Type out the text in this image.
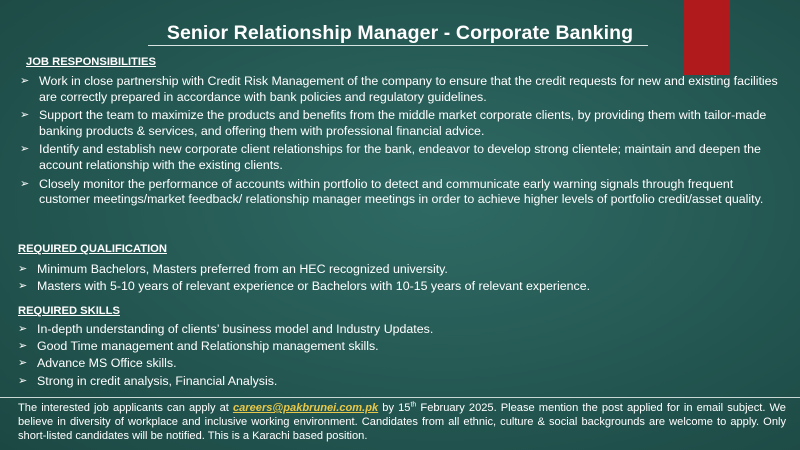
Senior Relationship Manager - Corporate Banking
JOB RESPONSIBILITIES
➢ Work in close partnership with Credit Risk Management of the company to ensure that the credit requests for new and existing facilities are correctly prepared in accordance with bank policies and regulatory guidelines.
➢ Support the team to maximize the products and benefits from the middle market corporate clients, by providing them with tailor-made banking products & services, and offering them with professional financial advice.
➢ Identify and establish new corporate client relationships for the bank, endeavor to develop strong clientele; maintain and deepen the account relationship with the existing clients.
➢ Closely monitor the performance of accounts within portfolio to detect and communicate early warning signals through frequent customer meetings/market feedback/ relationship manager meetings in order to achieve higher levels of portfolio credit/asset quality.
REQUIRED QUALIFICATION
➢ Minimum Bachelors, Masters preferred from an HEC recognized university.
➢ Masters with 5-10 years of relevant experience or Bachelors with 10-15 years of relevant experience.
REQUIRED SKILLS
➢ In-depth understanding of clients’ business model and Industry Updates.
➢ Good Time management and Relationship management skills.
➢ Advance MS Office skills.
➢ Strong in credit analysis, Financial Analysis.
The interested job applicants can apply at careers@pakbrunei.com.pk by 15th February 2025. Please mention the post applied for in email subject. We believe in diversity of workplace and inclusive working environment. Candidates from all ethnic, culture & social backgrounds are welcome to apply. Only short-listed candidates will be notified. This is a Karachi based position.
